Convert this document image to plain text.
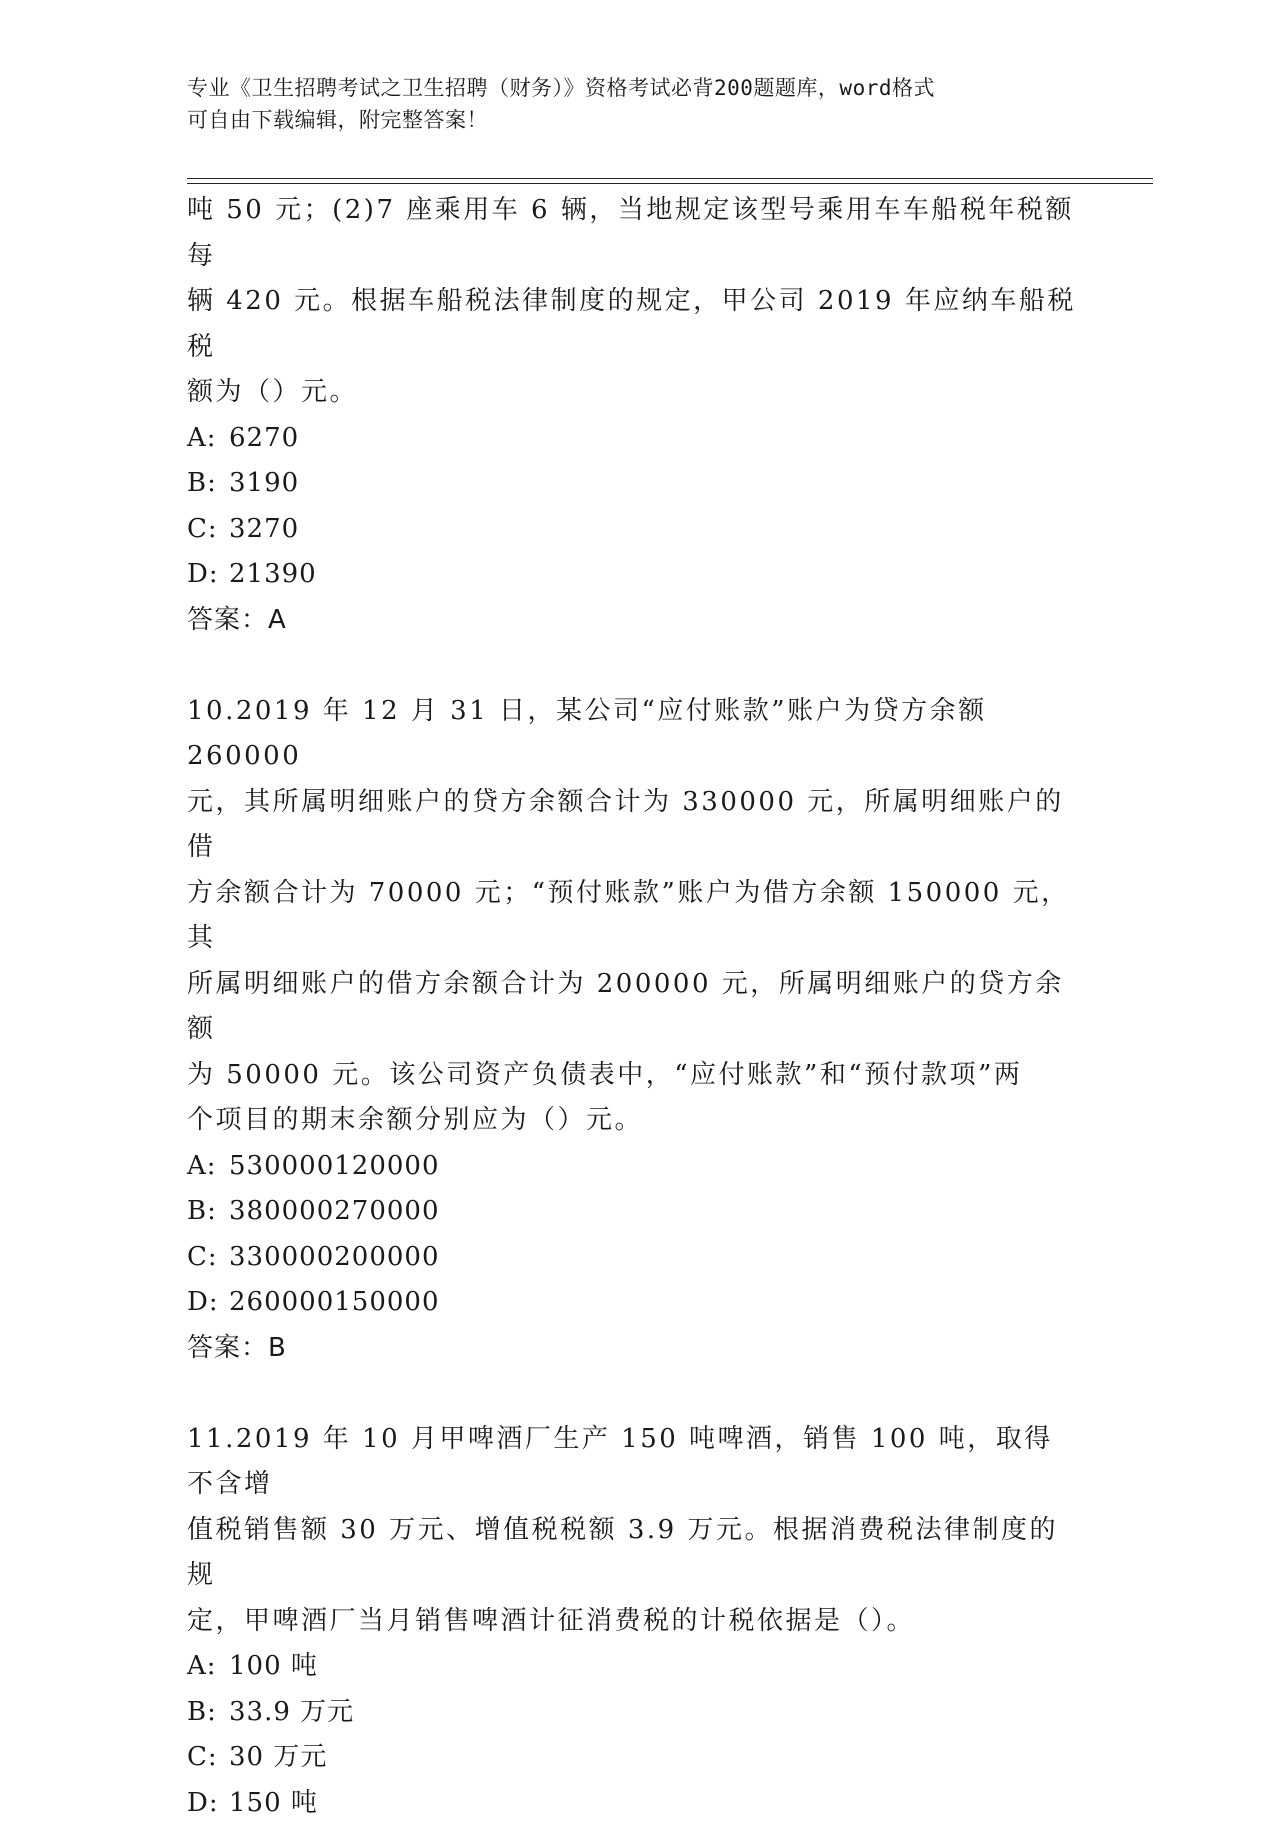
专业《卫生招聘考试之卫生招聘（财务）》资格考试必背200题题库，word格式
可自由下载编辑，附完整答案！

吨 50 元；(2)7 座乘用车 6 辆，当地规定该型号乘用车车船税年税额每

辆 420 元。根据车船税法律制度的规定，甲公司 2019 年应纳车船税税

额为（）元。

A: 6270

B: 3190

C: 3270

D: 21390

答案：A

10.2019 年 12 月 31 日，某公司“应付账款”账户为贷方余额 260000

元，其所属明细账户的贷方余额合计为 330000 元，所属明细账户的借

方余额合计为 70000 元；“预付账款”账户为借方余额 150000 元，其

所属明细账户的借方余额合计为 200000 元，所属明细账户的贷方余额

为 50000 元。该公司资产负债表中，“应付账款”和“预付款项”两

个项目的期末余额分别应为（）元。

A: 530000120000

B: 380000270000

C: 330000200000

D: 260000150000

答案：B

11.2019 年 10 月甲啤酒厂生产 150 吨啤酒，销售 100 吨，取得不含增

值税销售额 30 万元、增值税税额 3.9 万元。根据消费税法律制度的规

定，甲啤酒厂当月销售啤酒计征消费税的计税依据是（）。

A: 100 吨

B: 33.9 万元

C: 30 万元

D: 150 吨
